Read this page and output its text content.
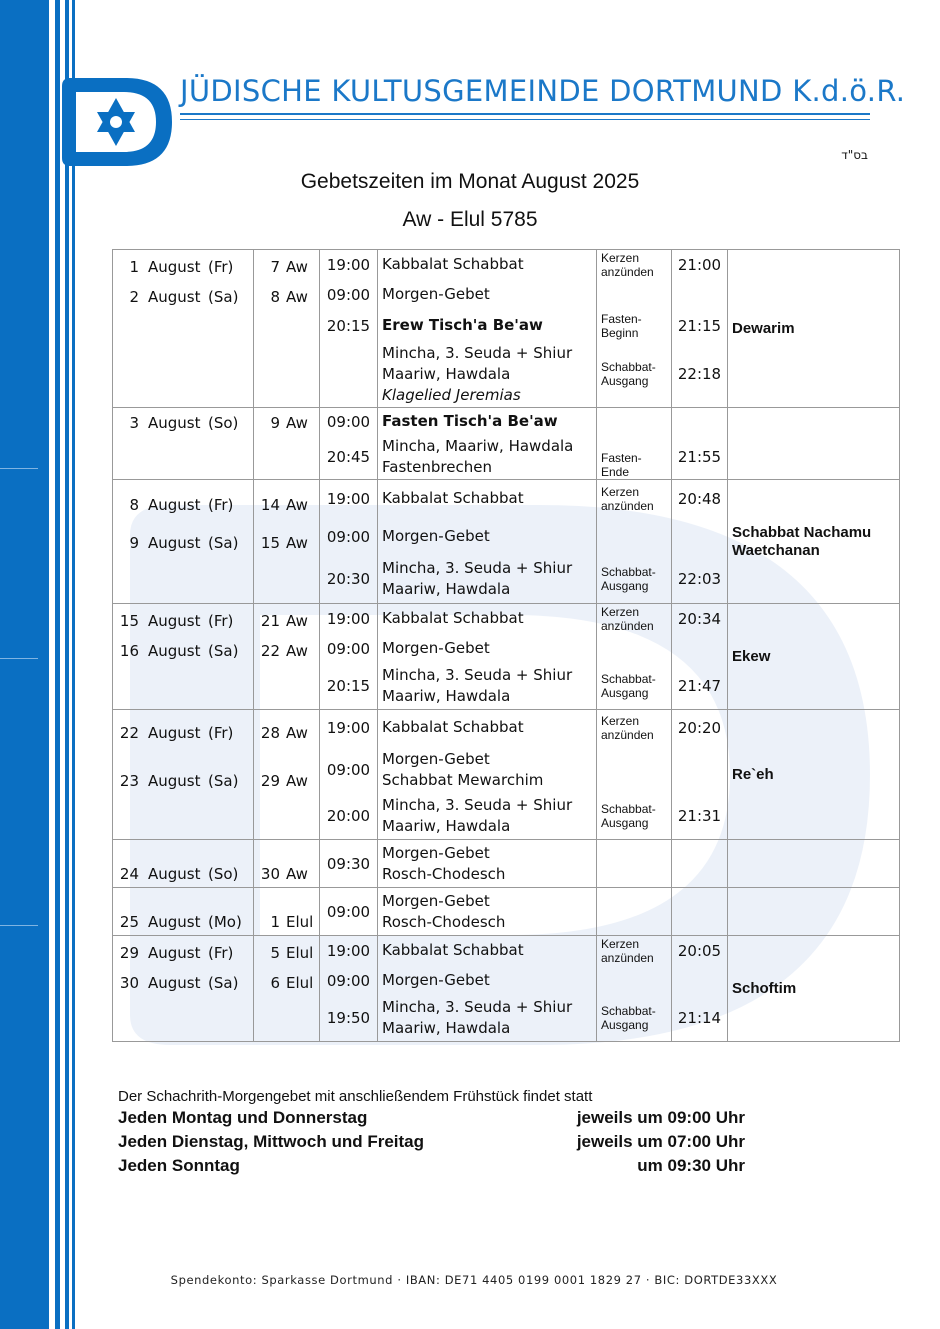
JÜDISCHE KULTUSGEMEINDE DORTMUND K.d.ö.R.
בס"ד
Gebetszeiten im Monat August 2025
Aw - Elul 5785
1 August (Fr)	7 Aw	19:00	Kabbalat Schabbat	Kerzen anzünden	21:00	Dewarim
2 August (Sa)	8 Aw	09:00	Morgen-Gebet			

		20:15	Erew Tisch'a Be'aw	Fasten-Beginn	21:15	

			Mincha, 3. Seuda + Shiur
Maariw, Hawdala
Klagelied Jeremias	Schabbat-Ausgang	22:18	
3 August (So)	9 Aw	09:00	Fasten Tisch'a Be'aw			

		20:45	Mincha, Maariw, Hawdala
Fastenbrechen	Fasten-Ende	21:55	
8 August (Fr)	14 Aw	19:00	Kabbalat Schabbat	Kerzen anzünden	20:48	Schabbat Nachamu Waetchanan
9 August (Sa)	15 Aw	09:00	Morgen-Gebet			

		20:30	Mincha, 3. Seuda + Shiur
Maariw, Hawdala	Schabbat-Ausgang	22:03	
15 August (Fr)	21 Aw	19:00	Kabbalat Schabbat	Kerzen anzünden	20:34	Ekew
16 August (Sa)	22 Aw	09:00	Morgen-Gebet			

		20:15	Mincha, 3. Seuda + Shiur
Maariw, Hawdala	Schabbat-Ausgang	21:47	
22 August (Fr)	28 Aw	19:00	Kabbalat Schabbat	Kerzen anzünden	20:20	Re`eh
23 August (Sa)	29 Aw	09:00	Morgen-Gebet
Schabbat Mewarchim			

		20:00	Mincha, 3. Seuda + Shiur
Maariw, Hawdala	Schabbat-Ausgang	21:31	
24 August (So)	30 Aw	09:30	Morgen-Gebet
Rosch-Chodesch			

25 August (Mo)	1 Elul	09:00	Morgen-Gebet
Rosch-Chodesch			

29 August (Fr)	5 Elul	19:00	Kabbalat Schabbat	Kerzen anzünden	20:05	Schoftim
30 August (Sa)	6 Elul	09:00	Morgen-Gebet			

		19:50	Mincha, 3. Seuda + Shiur
Maariw, Hawdala	Schabbat-Ausgang	21:14	
Der Schachrith-Morgengebet mit anschließendem Frühstück findet statt
Jeden Montag und Donnerstag	jeweils um 09:00 Uhr
Jeden Dienstag, Mittwoch und Freitag	jeweils um 07:00 Uhr
Jeden Sonntag	um 09:30 Uhr
Spendekonto: Sparkasse Dortmund · IBAN: DE71 4405 0199 0001 1829 27 · BIC: DORTDE33XXX
